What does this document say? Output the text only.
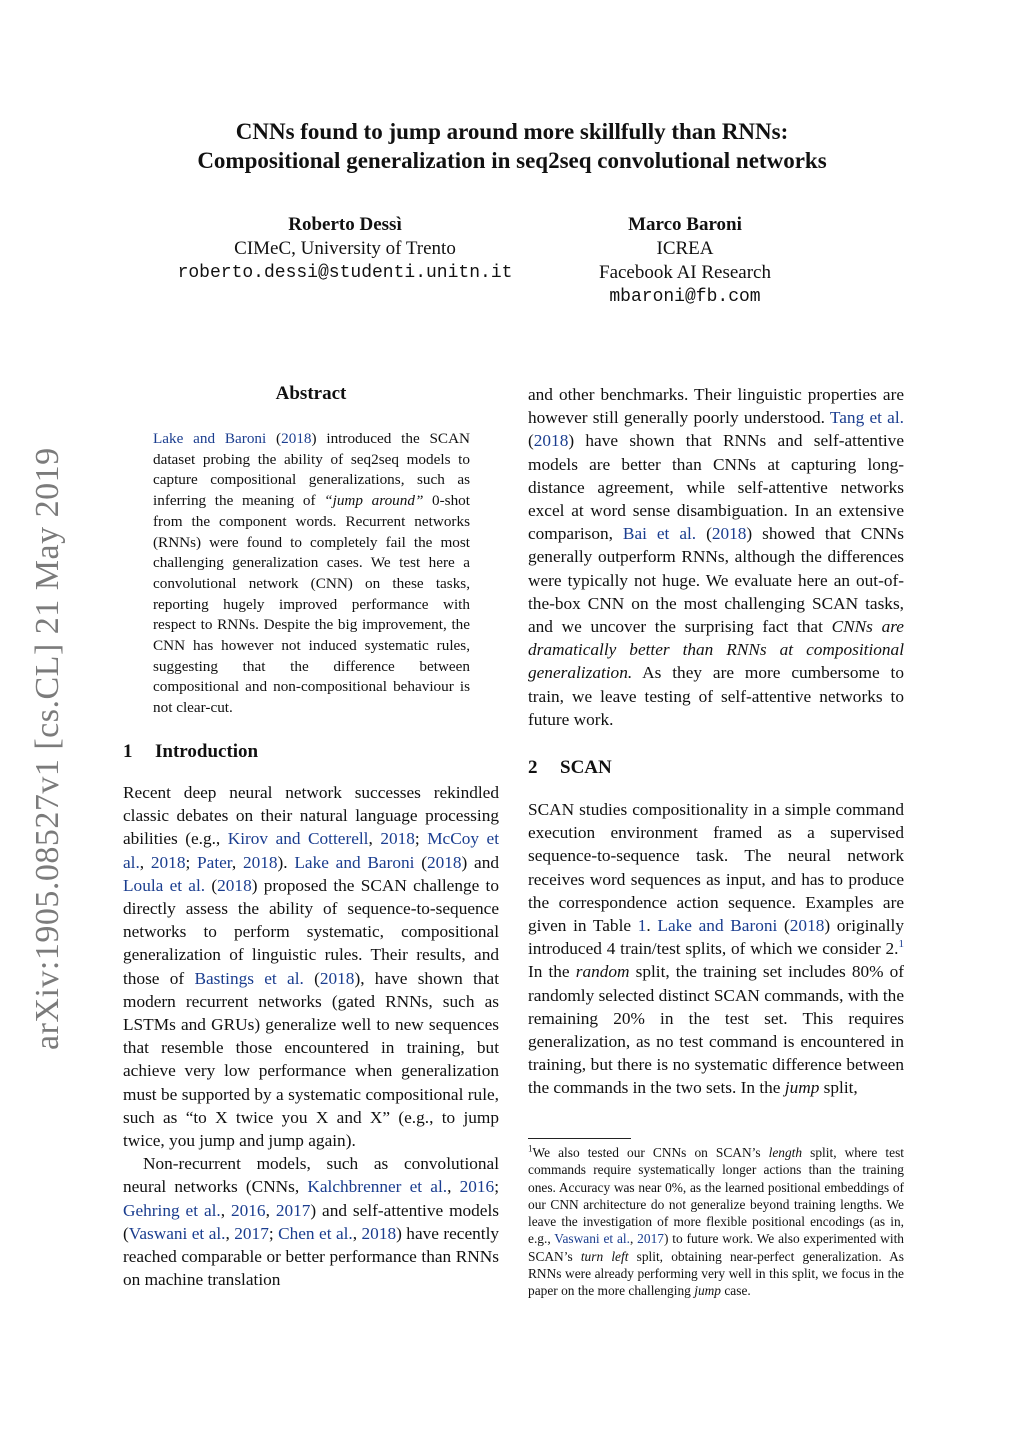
arXiv:1905.08527v1 [cs.CL] 21 May 2019
CNNs found to jump around more skillfully than RNNs:
Compositional generalization in seq2seq convolutional networks
Roberto Dessì
CIMeC, University of Trento
roberto.dessi@studenti.unitn.it
Marco Baroni
ICREA
Facebook AI Research
mbaroni@fb.com
Abstract
Lake and Baroni (2018) introduced the SCAN dataset probing the ability of seq2seq models to capture compositional generalizations, such as inferring the meaning of “jump around” 0-shot from the component words. Recurrent networks (RNNs) were found to completely fail the most challenging generalization cases. We test here a convolutional network (CNN) on these tasks, reporting hugely improved performance with respect to RNNs. Despite the big improvement, the CNN has however not induced systematic rules, suggesting that the difference between compositional and non-compositional behaviour is not clear-cut.
1 Introduction

Recent deep neural network successes rekindled classic debates on their natural language processing abilities (e.g., Kirov and Cotterell, 2018; McCoy et al., 2018; Pater, 2018). Lake and Baroni (2018) and Loula et al. (2018) proposed the SCAN challenge to directly assess the ability of sequence-to-sequence networks to perform systematic, compositional generalization of linguistic rules. Their results, and those of Bastings et al. (2018), have shown that modern recurrent networks (gated RNNs, such as LSTMs and GRUs) generalize well to new sequences that resemble those encountered in training, but achieve very low performance when generalization must be supported by a systematic compositional rule, such as “to X twice you X and X” (e.g., to jump twice, you jump and jump again).

Non-recurrent models, such as convolutional neural networks (CNNs, Kalchbrenner et al., 2016; Gehring et al., 2016, 2017) and self-attentive models (Vaswani et al., 2017; Chen et al., 2018) have recently reached comparable or better performance than RNNs on machine translation

and other benchmarks. Their linguistic properties are however still generally poorly understood. Tang et al. (2018) have shown that RNNs and self-attentive models are better than CNNs at capturing long-distance agreement, while self-attentive networks excel at word sense disambiguation. In an extensive comparison, Bai et al. (2018) showed that CNNs generally outperform RNNs, although the differences were typically not huge. We evaluate here an out-of-the-box CNN on the most challenging SCAN tasks, and we uncover the surprising fact that CNNs are dramatically better than RNNs at compositional generalization. As they are more cumbersome to train, we leave testing of self-attentive networks to future work.

2 SCAN

SCAN studies compositionality in a simple command execution environment framed as a supervised sequence-to-sequence task. The neural network receives word sequences as input, and has to produce the correspondence action sequence. Examples are given in Table 1. Lake and Baroni (2018) originally introduced 4 train/test splits, of which we consider 2.$^1$ In the random split, the training set includes 80% of randomly selected distinct SCAN commands, with the remaining 20% in the test set. This requires generalization, as no test command is encountered in training, but there is no systematic difference between the commands in the two sets. In the jump split,

$^1$We also tested our CNNs on SCAN’s length split, where test commands require systematically longer actions than the training ones. Accuracy was near 0%, as the learned positional embeddings of our CNN architecture do not generalize beyond training lengths. We leave the investigation of more flexible positional encodings (as in, e.g., Vaswani et al., 2017) to future work. We also experimented with SCAN’s turn left split, obtaining near-perfect generalization. As RNNs were already performing very well in this split, we focus in the paper on the more challenging jump case.
